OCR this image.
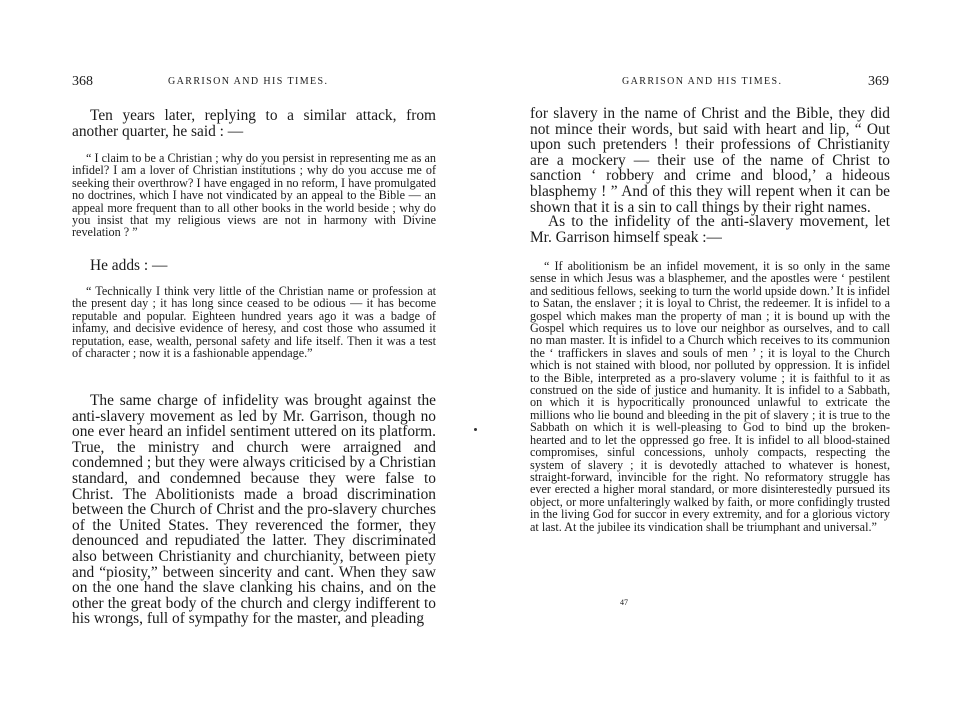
368	GARRISON AND HIS TIMES.

Ten years later, replying to a similar attack, from another quarter, he said : —

“ I claim to be a Christian ; why do you persist in representing me as an infidel? I am a lover of Christian institutions ; why do you accuse me of seeking their overthrow? I have engaged in no reform, I have promulgated no doctrines, which I have not vindicated by an appeal to the Bible — an appeal more frequent than to all other books in the world beside ; why do you insist that my religious views are not in harmony with Divine revelation ? ”

He adds : —

“ Technically I think very little of the Christian name or profession at the present day ; it has long since ceased to be odious — it has become reputable and popular. Eighteen hundred years ago it was a badge of infamy, and decisive evidence of heresy, and cost those who assumed it reputation, ease, wealth, personal safety and life itself. Then it was a test of character ; now it is a fashionable appendage.”

The same charge of infidelity was brought against the anti-slavery movement as led by Mr. Garrison, though no one ever heard an infidel sentiment uttered on its platform. True, the ministry and church were arraigned and condemned ; but they were always criticised by a Christian standard, and condemned because they were false to Christ. The Abolitionists made a broad discrimination between the Church of Christ and the pro-slavery churches of the United States. They reverenced the former, they denounced and repudiated the latter. They discriminated also between Christianity and churchianity, between piety and “piosity,” between sincerity and cant. When they saw on the one hand the slave clanking his chains, and on the other the great body of the church and clergy indifferent to his wrongs, full of sympathy for the master, and pleading

GARRISON AND HIS TIMES.	369

for slavery in the name of Christ and the Bible, they did not mince their words, but said with heart and lip, “ Out upon such pretenders ! their professions of Christianity are a mockery — their use of the name of Christ to sanction ‘ robbery and crime and blood,’ a hideous blasphemy ! ” And of this they will repent when it can be shown that it is a sin to call things by their right names.

As to the infidelity of the anti-slavery movement, let Mr. Garrison himself speak :—

“ If abolitionism be an infidel movement, it is so only in the same sense in which Jesus was a blasphemer, and the apostles were ‘ pestilent and seditious fellows, seeking to turn the world upside down.’ It is infidel to Satan, the enslaver ; it is loyal to Christ, the redeemer. It is infidel to a gospel which makes man the property of man ; it is bound up with the Gospel which requires us to love our neighbor as ourselves, and to call no man master. It is infidel to a Church which receives to its communion the ‘ traffickers in slaves and souls of men ’ ; it is loyal to the Church which is not stained with blood, nor polluted by oppression. It is infidel to the Bible, interpreted as a pro-slavery volume ; it is faithful to it as construed on the side of justice and humanity. It is infidel to a Sabbath, on which it is hypocritically pronounced unlawful to extricate the millions who lie bound and bleeding in the pit of slavery ; it is true to the Sabbath on which it is well-pleasing to God to bind up the broken-hearted and to let the oppressed go free. It is infidel to all blood-stained compromises, sinful concessions, unholy compacts, respecting the system of slavery ; it is devotedly attached to whatever is honest, straight-forward, invincible for the right. No reformatory struggle has ever erected a higher moral standard, or more disinterestedly pursued its object, or more unfalteringly walked by faith, or more confidingly trusted in the living God for succor in every extremity, and for a glorious victory at last. At the jubilee its vindication shall be triumphant and universal.”

47
